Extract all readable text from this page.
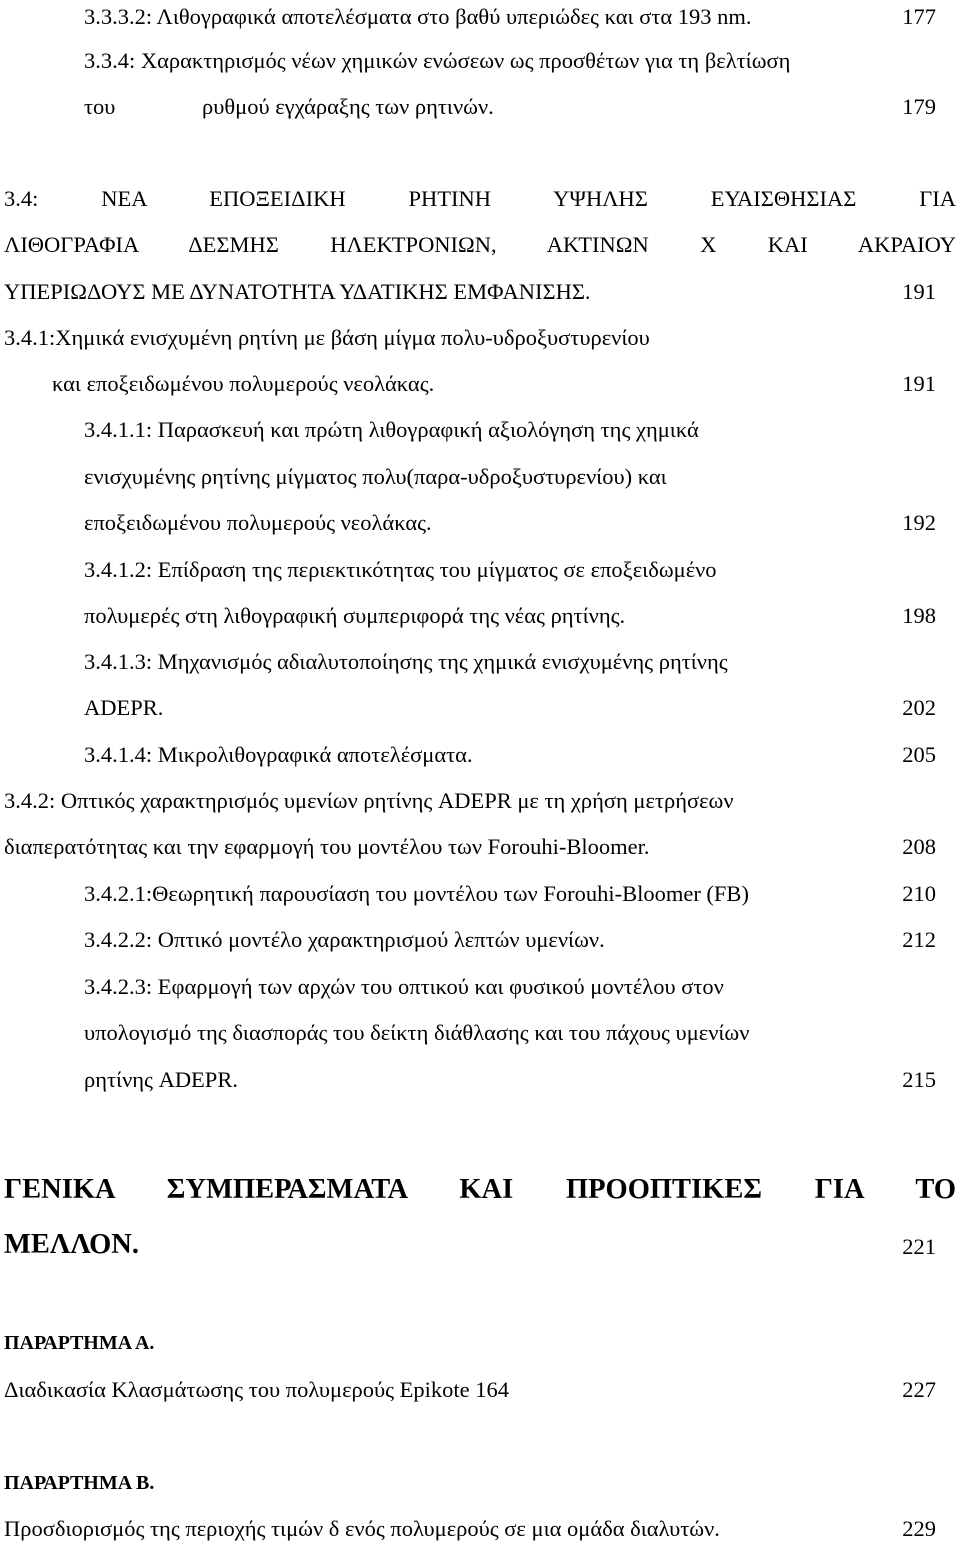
3.3.3.2: Λιθογραφικά αποτελέσματα στο βαθύ υπεριώδες και στα 193 nm.	177
3.3.4: Χαρακτηρισμός νέων χημικών ενώσεων ως προσθέτων για τη βελτίωση
του	ρυθμού εγχάραξης των ρητινών.	179
3.4: ΝΕΑ ΕΠΟΞΕΙΔΙΚΗ ΡΗΤΙΝΗ ΥΨΗΛΗΣ ΕΥΑΙΣΘΗΣΙΑΣ ΓΙΑ
ΛΙΘΟΓΡΑΦΙΑ ΔΕΣΜΗΣ ΗΛΕΚΤΡΟΝΙΩΝ, ΑΚΤΙΝΩΝ Χ ΚΑΙ ΑΚΡΑΙΟΥ
ΥΠΕΡΙΩΔΟΥΣ ΜΕ ΔΥΝΑΤΟΤΗΤΑ ΥΔΑΤΙΚΗΣ ΕΜΦΑΝΙΣΗΣ.	191
3.4.1:Χημικά ενισχυμένη ρητίνη με βάση μίγμα πολυ-υδροξυστυρενίου
και εποξειδωμένου πολυμερούς νεολάκας.	191
3.4.1.1: Παρασκευή και πρώτη λιθογραφική αξιολόγηση της χημικά
ενισχυμένης ρητίνης μίγματος πολυ(παρα-υδροξυστυρενίου) και
εποξειδωμένου πολυμερούς νεολάκας.	192
3.4.1.2: Επίδραση της περιεκτικότητας του μίγματος σε εποξειδωμένο
πολυμερές στη λιθογραφική συμπεριφορά της νέας ρητίνης.	198
3.4.1.3: Μηχανισμός αδιαλυτοποίησης της χημικά ενισχυμένης ρητίνης
ADEPR.	202
3.4.1.4: Μικρολιθογραφικά αποτελέσματα.	205
3.4.2: Οπτικός χαρακτηρισμός υμενίων ρητίνης ADEPR με τη χρήση μετρήσεων
διαπερατότητας και την εφαρμογή του μοντέλου των Forouhi-Bloomer.	208
3.4.2.1:Θεωρητική παρουσίαση του μοντέλου των Forouhi-Bloomer (FB)	210
3.4.2.2: Οπτικό μοντέλο χαρακτηρισμού λεπτών υμενίων.	212
3.4.2.3: Εφαρμογή των αρχών του οπτικού και φυσικού μοντέλου στον
υπολογισμό της διασποράς του δείκτη διάθλασης και του πάχους υμενίων
ρητίνης ADEPR.	215
ΓΕΝΙΚΑ ΣΥΜΠΕΡΑΣΜΑΤΑ ΚΑΙ ΠΡΟΟΠΤΙΚΕΣ ΓΙΑ ΤΟ
ΜΕΛΛΟΝ.	221
ΠΑΡΑΡΤΗΜΑ Α.
Διαδικασία Κλασμάτωσης του πολυμερούς Epikote 164	227
ΠΑΡΑΡΤΗΜΑ Β.
Προσδιορισμός της περιοχής τιμών δ ενός πολυμερούς σε μια ομάδα διαλυτών.	229
